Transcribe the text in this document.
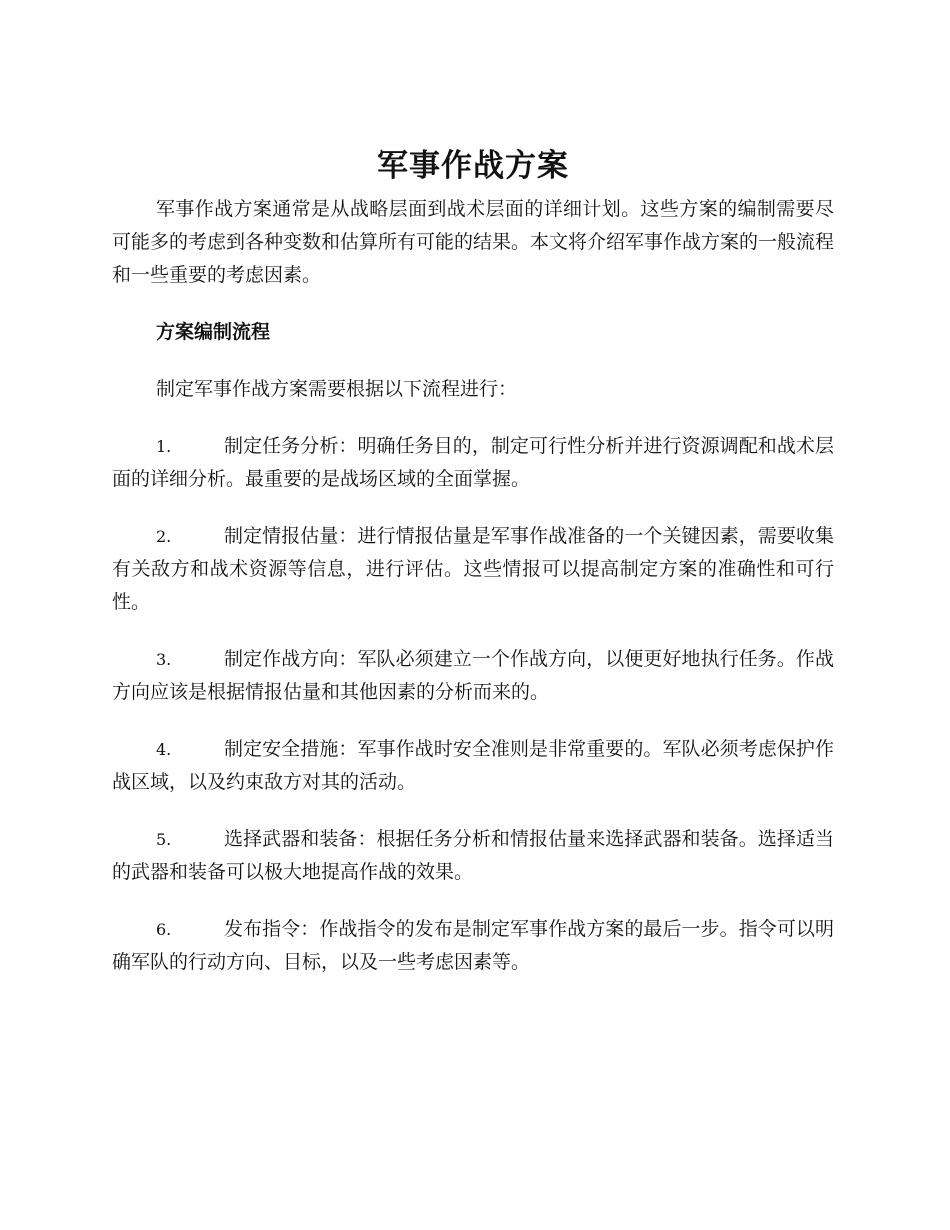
军事作战方案

军事作战方案通常是从战略层面到战术层面的详细计划。这些方案的编制需要尽可能多的考虑到各种变数和估算所有可能的结果。本文将介绍军事作战方案的一般流程和一些重要的考虑因素。

方案编制流程

制定军事作战方案需要根据以下流程进行：

1.	制定任务分析：明确任务目的，制定可行性分析并进行资源调配和战术层面的详细分析。最重要的是战场区域的全面掌握。
2.	制定情报估量：进行情报估量是军事作战准备的一个关键因素，需要收集有关敌方和战术资源等信息，进行评估。这些情报可以提高制定方案的准确性和可行性。
3.	制定作战方向：军队必须建立一个作战方向，以便更好地执行任务。作战方向应该是根据情报估量和其他因素的分析而来的。
4.	制定安全措施：军事作战时安全准则是非常重要的。军队必须考虑保护作战区域，以及约束敌方对其的活动。
5.	选择武器和装备：根据任务分析和情报估量来选择武器和装备。选择适当的武器和装备可以极大地提高作战的效果。
6.	发布指令：作战指令的发布是制定军事作战方案的最后一步。指令可以明确军队的行动方向、目标，以及一些考虑因素等。
